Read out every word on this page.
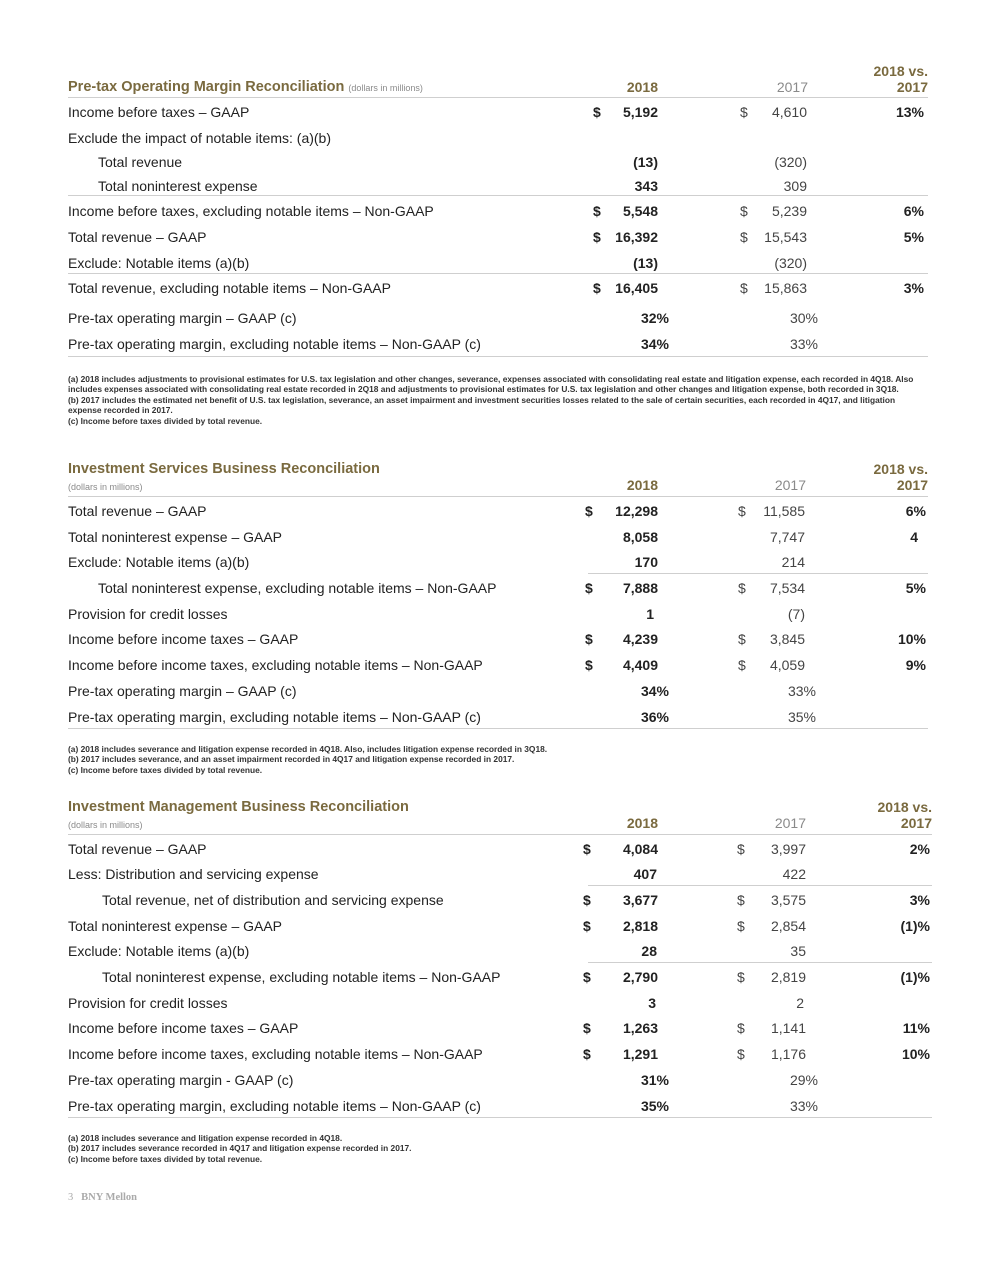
Pre-tax Operating Margin Reconciliation (dollars in millions)	2018	2017
2018 vs.
2017
Income before taxes – GAAP	$	5,192	$	4,610	13%
Exclude the impact of notable items: (a)(b)
Total revenue	(13)	(320)
Total noninterest expense	343	309
Income before taxes, excluding notable items – Non-GAAP	$	5,548	$	5,239	6%
Total revenue – GAAP	$	16,392	$	15,543	5%
Exclude: Notable items (a)(b)	(13)	(320)
Total revenue, excluding notable items – Non-GAAP	$	16,405	$	15,863	3%
Pre-tax operating margin – GAAP (c)	32%	30%
Pre-tax operating margin, excluding notable items – Non-GAAP (c)	34%	33%
(a) 2018 includes adjustments to provisional estimates for U.S. tax legislation and other changes, severance, expenses associated with consolidating real estate and litigation expense, each recorded in 4Q18. Also includes expenses associated with consolidating real estate recorded in 2Q18 and adjustments to provisional estimates for U.S. tax legislation and other changes and litigation expense, both recorded in 3Q18.
(b) 2017 includes the estimated net benefit of U.S. tax legislation, severance, an asset impairment and investment securities losses related to the sale of certain securities, each recorded in 4Q17, and litigation expense recorded in 2017.
(c) Income before taxes divided by total revenue.
Investment Services Business Reconciliation
(dollars in millions)	2018	2017
2018 vs.
2017
Total revenue – GAAP	$	12,298	$	11,585	6%
Total noninterest expense – GAAP	8,058	7,747	4
Exclude: Notable items (a)(b)	170	214
Total noninterest expense, excluding notable items – Non-GAAP	$	7,888	$	7,534	5%
Provision for credit losses	1	(7)
Income before income taxes – GAAP	$	4,239	$	3,845	10%
Income before income taxes, excluding notable items – Non-GAAP	$	4,409	$	4,059	9%
Pre-tax operating margin – GAAP (c)	34%	33%
Pre-tax operating margin, excluding notable items – Non-GAAP (c)	36%	35%
(a) 2018 includes severance and litigation expense recorded in 4Q18. Also, includes litigation expense recorded in 3Q18.
(b) 2017 includes severance, and an asset impairment recorded in 4Q17 and litigation expense recorded in 2017.
(c) Income before taxes divided by total revenue.
Investment Management Business Reconciliation
(dollars in millions)	2018	2017
2018 vs.
2017
Total revenue – GAAP	$	4,084	$	3,997	2%
Less: Distribution and servicing expense	407	422
Total revenue, net of distribution and servicing expense	$	3,677	$	3,575	3%
Total noninterest expense – GAAP	$	2,818	$	2,854	(1)%
Exclude: Notable items (a)(b)	28	35
Total noninterest expense, excluding notable items – Non-GAAP	$	2,790	$	2,819	(1)%
Provision for credit losses	3	2
Income before income taxes – GAAP	$	1,263	$	1,141	11%
Income before income taxes, excluding notable items – Non-GAAP	$	1,291	$	1,176	10%
Pre-tax operating margin - GAAP (c)	31%	29%
Pre-tax operating margin, excluding notable items – Non-GAAP (c)	35%	33%
(a) 2018 includes severance and litigation expense recorded in 4Q18.
(b) 2017 includes severance recorded in 4Q17 and litigation expense recorded in 2017.
(c) Income before taxes divided by total revenue.
3 BNY Mellon
